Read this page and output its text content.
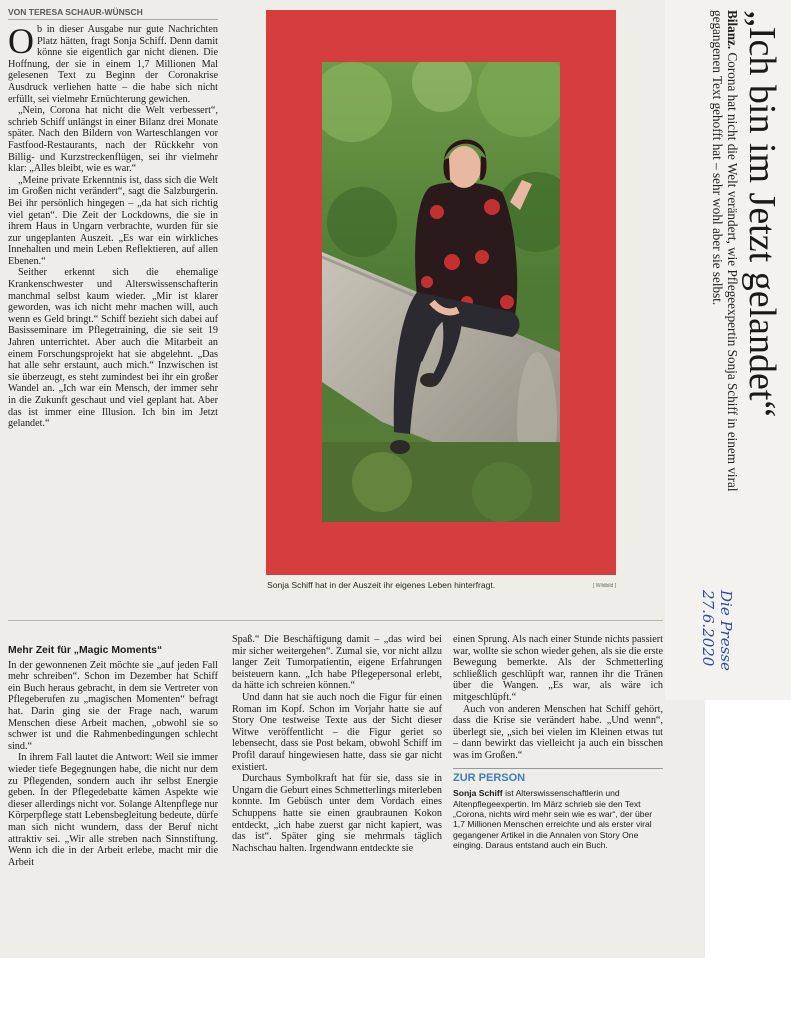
VON TERESA SCHAUR-WÜNSCH

Ob in dieser Ausgabe nur gute Nachrichten Platz hätten, fragt Sonja Schiff. Denn damit könne sie eigentlich gar nicht dienen. Die Hoffnung, der sie in einem 1,7 Millionen Mal gelesenen Text zu Beginn der Coronakrise Ausdruck verliehen hatte – die habe sich nicht erfüllt, sei vielmehr Ernüchterung gewichen.

„Nein, Corona hat nicht die Welt verbessert“, schrieb Schiff unlängst in einer Bilanz drei Monate später. Nach den Bildern von Warteschlangen vor Fastfood-Restaurants, nach der Rückkehr von Billig- und Kurzstreckenflügen, sei ihr vielmehr klar: „Alles bleibt, wie es war.“

„Meine private Erkenntnis ist, dass sich die Welt im Großen nicht verändert“, sagt die Salzburgerin. Bei ihr persönlich hingegen – „da hat sich richtig viel getan“. Die Zeit der Lockdowns, die sie in ihrem Haus in Ungarn verbrachte, wurden für sie zur ungeplanten Auszeit. „Es war ein wirkliches Innehalten und mein Leben Reflektieren, auf allen Ebenen.“

Seither erkennt sich die ehemalige Krankenschwester und Alterswissenschafterin manchmal selbst kaum wieder. „Mir ist klarer geworden, was ich nicht mehr machen will, auch wenn es Geld bringt.“ Schiff bezieht sich dabei auf Basisseminare im Pflegetraining, die sie seit 19 Jahren unterrichtet. Aber auch die Mitarbeit an einem Forschungsprojekt hat sie abgelehnt. „Das hat alle sehr erstaunt, auch mich.“ Inzwischen ist sie überzeugt, es steht zumindest bei ihr ein großer Wandel an. „Ich war ein Mensch, der immer sehr in die Zukunft geschaut und viel geplant hat. Aber das ist immer eine Illusion. Ich bin im Jetzt gelandet.“

Sonja Schiff hat in der Auszeit ihr eigenes Leben hinterfragt.	[ Wildbild ]
Mehr Zeit für „Magic Moments“

In der gewonnenen Zeit möchte sie „auf jeden Fall mehr schreiben“. Schon im Dezember hat Schiff ein Buch heraus gebracht, in dem sie Vertreter von Pflegeberufen zu „magischen Momenten“ befragt hat. Darin ging sie der Frage nach, warum Menschen diese Arbeit machen, „obwohl sie so schwer ist und die Rahmenbedingungen schlecht sind.“

In ihrem Fall lautet die Antwort: Weil sie immer wieder tiefe Begegnungen habe, die nicht nur dem zu Pflegenden, sondern auch ihr selbst Energie geben. In der Pflegedebatte kämen Aspekte wie dieser allerdings nicht vor. Solange Altenpflege nur Körperpflege statt Lebensbegleitung bedeute, dürfe man sich nicht wundern, dass der Beruf nicht attraktiv sei. „Wir alle streben nach Sinnstiftung. Wenn ich die in der Arbeit erlebe, macht mir die Arbeit

Spaß.“ Die Beschäftigung damit – „das wird bei mir sicher weitergehen“. Zumal sie, vor nicht allzu langer Zeit Tumorpatientin, eigene Erfahrungen beisteuern kann. „Ich habe Pflegepersonal erlebt, da hätte ich schreien können.“

Und dann hat sie auch noch die Figur für einen Roman im Kopf. Schon im Vorjahr hatte sie auf Story One testweise Texte aus der Sicht dieser Witwe veröffentlicht – die Figur geriet so lebensecht, dass sie Post bekam, obwohl Schiff im Profil darauf hingewiesen hatte, dass sie gar nicht existiert.

Durchaus Symbolkraft hat für sie, dass sie in Ungarn die Geburt eines Schmetterlings miterleben konnte. Im Gebüsch unter dem Vordach eines Schuppens hatte sie einen graubraunen Kokon entdeckt, „ich habe zuerst gar nicht kapiert, was das ist“. Später ging sie mehrmals täglich Nachschau halten. Irgendwann entdeckte sie

einen Sprung. Als nach einer Stunde nichts passiert war, wollte sie schon wieder gehen, als sie die erste Bewegung bemerkte. Als der Schmetterling schließlich geschlüpft war, rannen ihr die Tränen über die Wangen. „Es war, als wäre ich mitgeschlüpft.“

Auch von anderen Menschen hat Schiff gehört, dass die Krise sie verändert habe. „Und wenn“, überlegt sie, „sich bei vielen im Kleinen etwas tut – dann bewirkt das vielleicht ja auch ein bisschen was im Großen.“

ZUR PERSON
Sonja Schiff ist Alterswissenschaftlerin und Altenpflegeexpertin. Im März schrieb sie den Text „Corona, nichts wird mehr sein wie es war“, der über 1,7 Millionen Menschen erreichte und als erster viral gegangener Artikel in die Annalen von Story One einging. Daraus entstand auch ein Buch.
„Ich bin im Jetzt gelandet“
Bilanz. Corona hat nicht die Welt verändert, wie Pflegeexpertin Sonja Schiff in einem viral gegangenen Text gehofft hat – sehr wohl aber sie selbst.
Die Presse
27.6.2020
